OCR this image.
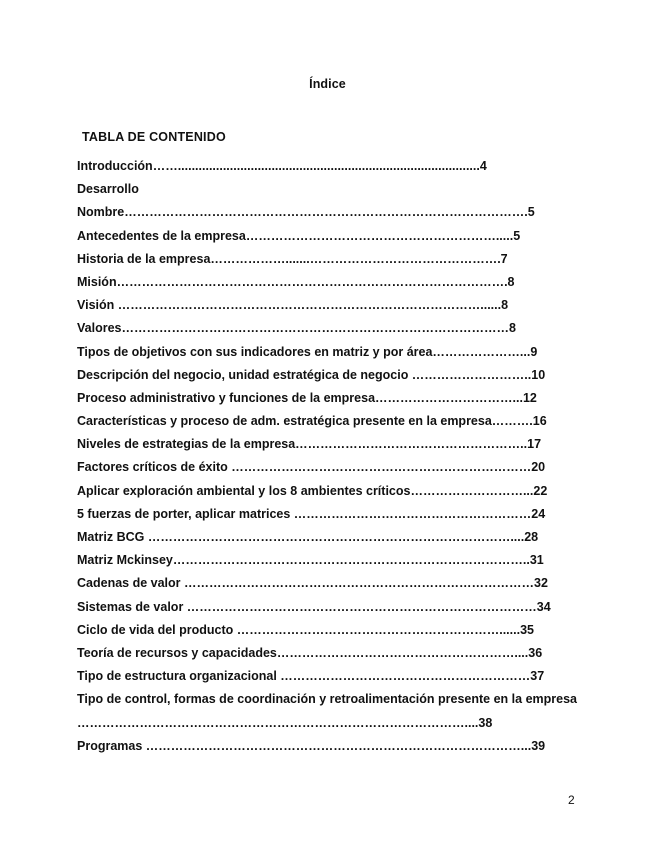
Índice
TABLA DE CONTENIDO
Introducción…….......................................................................................4
Desarrollo
Nombre…………………………………………………………………………………….5
Antecedentes de la empresa…………………………………………………….....5
Historia de la empresa……………….......……………………………………….7
Misión………………………………………………………………………………….8
Visión ……………………………………………………………………………......8
Valores…………………………………………………………………………………8
Tipos de objetivos con sus indicadores en matriz y por área…………………...9
Descripción del negocio, unidad estratégica de negocio ………………………..10
Proceso administrativo y funciones de la empresa……………………………...12
Características y proceso de adm. estratégica presente en la empresa……….16
Niveles de estrategias de la empresa………………………………………………..17
Factores críticos de éxito ………………………………………………………………20
Aplicar exploración ambiental y los 8 ambientes críticos………………………...22
5 fuerzas de porter, aplicar matrices …………………………………………………24
Matriz BCG ……………………………………………………………………………....28
Matriz Mckinsey…………………………………………………………………………..31
Cadenas de valor …………………………………………………………………………32
Sistemas de valor …………………………………………………………………………34
Ciclo de vida del producto ………………………………………………………......35
Teoría de recursos y capacidades…………………………………………………....36
Tipo de estructura organizacional ……………………………………………………37
Tipo de control, formas de coordinación y retroalimentación presente en la empresa …………………………………………………………………………………....38
Programas ………………………………………………………………………………...39
2
